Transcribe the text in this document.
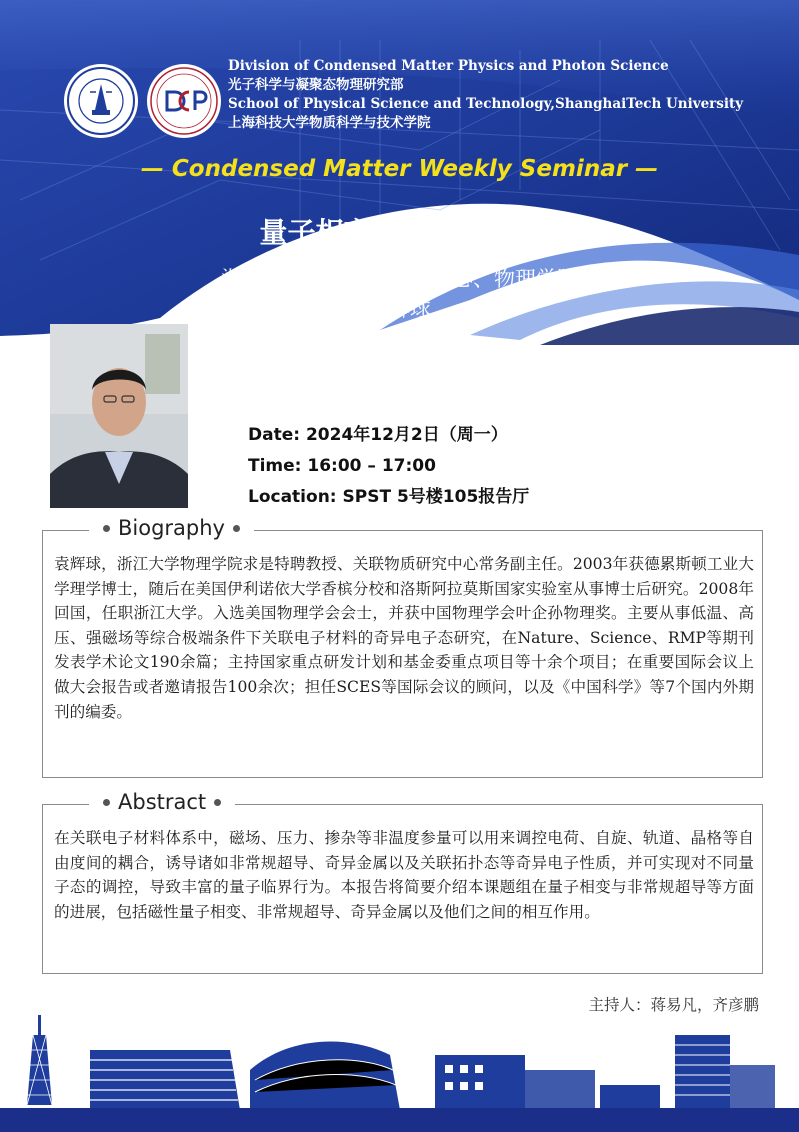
Division of Condensed Matter Physics and Photon Science
光子科学与凝聚态物理研究部
School of Physical Science and Technology,ShanghaiTech University
上海科技大学物质科学与技术学院
— Condensed Matter Weekly Seminar —
量子相变与非常规超导
浙江大学关联物质研究中心、物理学院
袁辉球
Date: 2024年12月2日（周一）
Time: 16:00 – 17:00
Location: SPST 5号楼105报告厅
Biography
袁辉球，浙江大学物理学院求是特聘教授、关联物质研究中心常务副主任。2003年获德累斯顿工业大学理学博士，随后在美国伊利诺依大学香槟分校和洛斯阿拉莫斯国家实验室从事博士后研究。2008年回国，任职浙江大学。入选美国物理学会会士，并获中国物理学会叶企孙物理奖。主要从事低温、高压、强磁场等综合极端条件下关联电子材料的奇异电子态研究，在Nature、Science、RMP等期刊发表学术论文190余篇；主持国家重点研发计划和基金委重点项目等十余个项目；在重要国际会议上做大会报告或者邀请报告100余次；担任SCES等国际会议的顾问，以及《中国科学》等7个国内外期刊的编委。
Abstract
在关联电子材料体系中，磁场、压力、掺杂等非温度参量可以用来调控电荷、自旋、轨道、晶格等自由度间的耦合，诱导诸如非常规超导、奇异金属以及关联拓扑态等奇异电子性质，并可实现对不同量子态的调控，导致丰富的量子临界行为。本报告将简要介绍本课题组在量子相变与非常规超导等方面的进展，包括磁性量子相变、非常规超导、奇异金属以及他们之间的相互作用。
主持人：蒋易凡，齐彦鹏
